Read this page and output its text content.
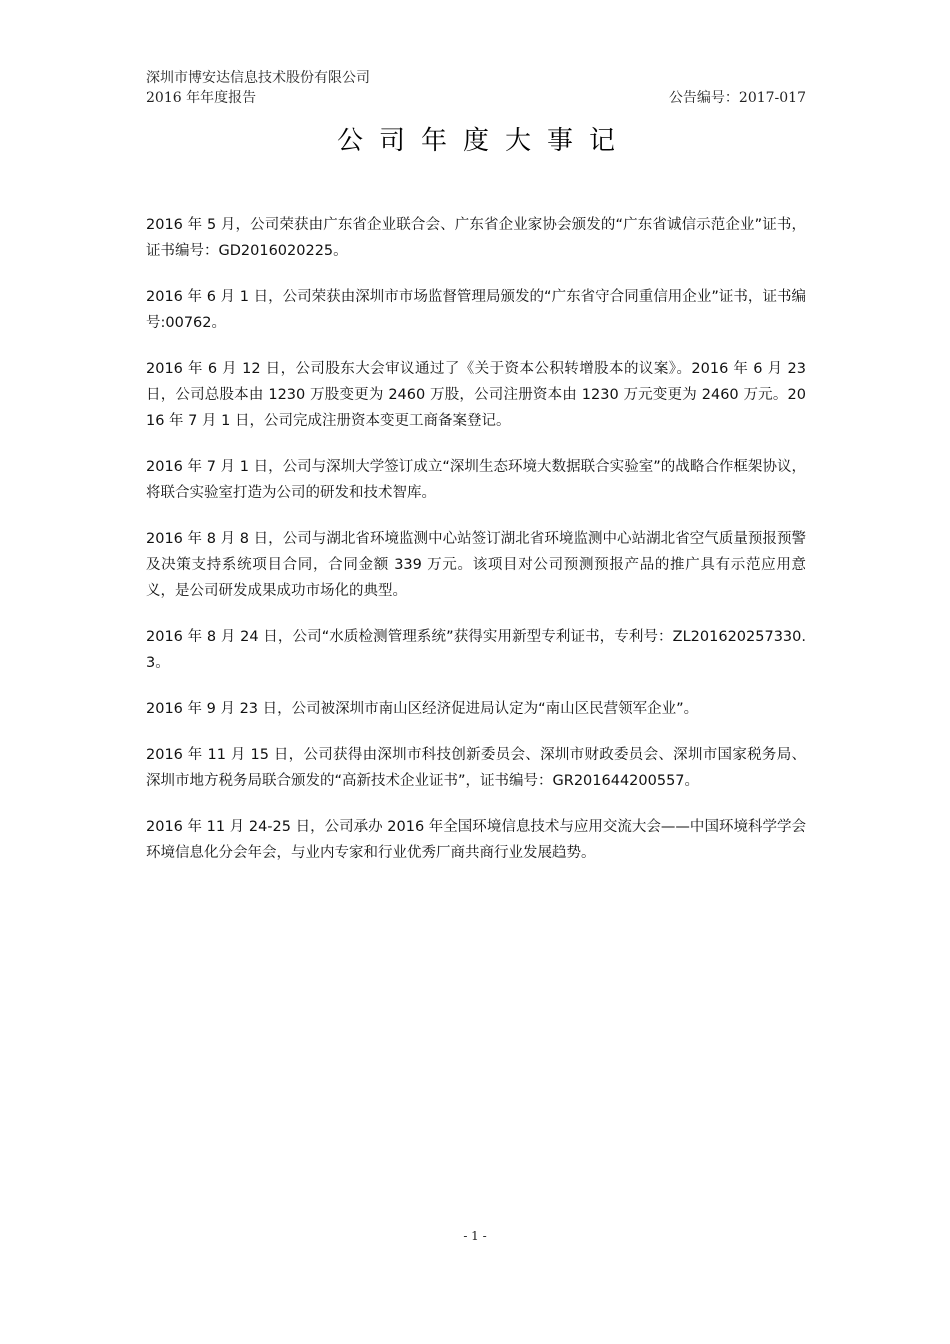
深圳市博安达信息技术股份有限公司
2016 年年度报告	公告编号：2017-017
公司年度大事记

2016 年 5 月，公司荣获由广东省企业联合会、广东省企业家协会颁发的“广东省诚信示范企业”证书，证书编号：GD2016020225。

2016 年 6 月 1 日，公司荣获由深圳市市场监督管理局颁发的“广东省守合同重信用企业”证书，证书编号:00762。

2016 年 6 月 12 日，公司股东大会审议通过了《关于资本公积转增股本的议案》。2016 年 6 月 23 日，公司总股本由 1230 万股变更为 2460 万股，公司注册资本由 1230 万元变更为 2460 万元。2016 年 7 月 1 日，公司完成注册资本变更工商备案登记。

2016 年 7 月 1 日，公司与深圳大学签订成立“深圳生态环境大数据联合实验室”的战略合作框架协议，将联合实验室打造为公司的研发和技术智库。

2016 年 8 月 8 日，公司与湖北省环境监测中心站签订湖北省环境监测中心站湖北省空气质量预报预警及决策支持系统项目合同，合同金额 339 万元。该项目对公司预测预报产品的推广具有示范应用意义，是公司研发成果成功市场化的典型。

2016 年 8 月 24 日，公司“水质检测管理系统”获得实用新型专利证书，专利号：ZL201620257330.3。

2016 年 9 月 23 日，公司被深圳市南山区经济促进局认定为“南山区民营领军企业”。

2016 年 11 月 15 日，公司获得由深圳市科技创新委员会、深圳市财政委员会、深圳市国家税务局、深圳市地方税务局联合颁发的“高新技术企业证书”，证书编号：GR201644200557。

2016 年 11 月 24-25 日，公司承办 2016 年全国环境信息技术与应用交流大会——中国环境科学学会环境信息化分会年会，与业内专家和行业优秀厂商共商行业发展趋势。

- 1 -
